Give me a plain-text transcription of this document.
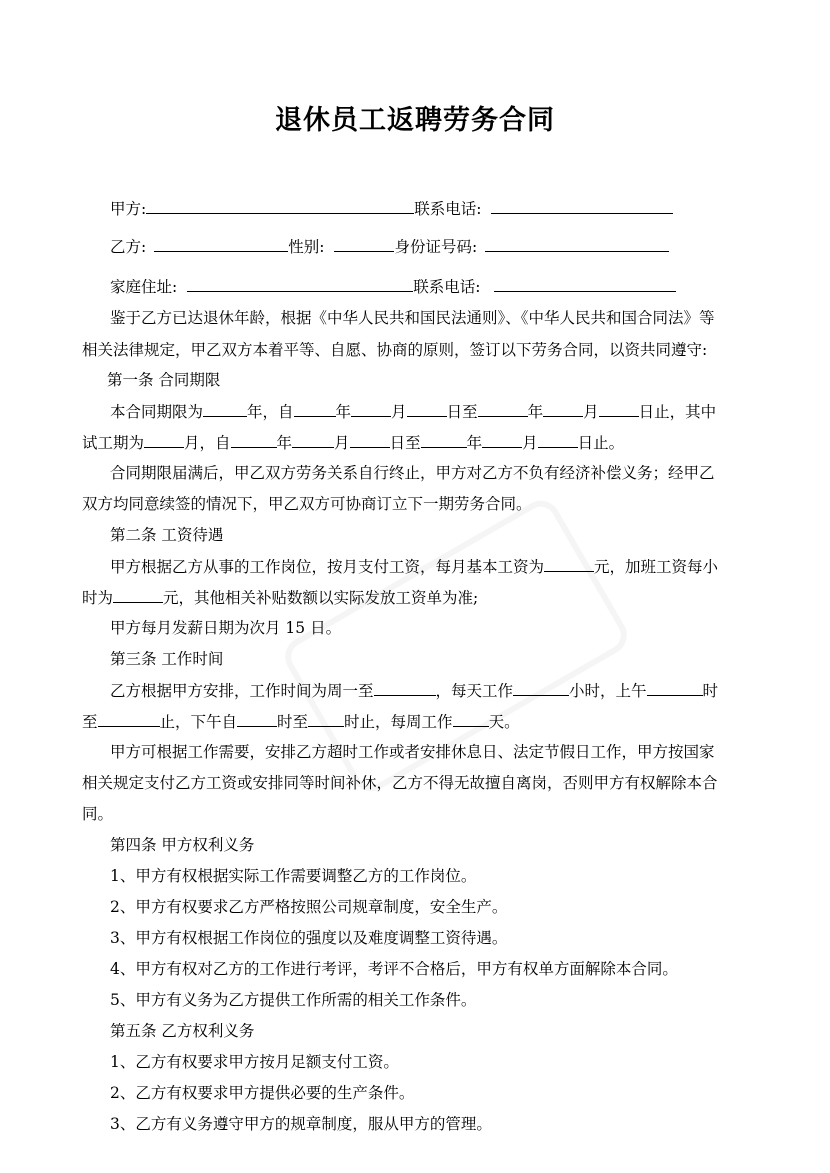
退休员工返聘劳务合同
甲方:	联系电话:
乙方:	性别:	身份证号码:
家庭住址:	联系电话:
鉴于乙方已达退休年龄，根据《中华人民共和国民法通则》、《中华人民共和国合同法》等
相关法律规定，甲乙双方本着平等、自愿、协商的原则，签订以下劳务合同，以资共同遵守:
第一条 合同期限
本合同期限为	年，自	年	月	日至	年	月	日止，其中
试工期为	月，自	年	月	日至	年	月	日止。
合同期限届满后，甲乙双方劳务关系自行终止，甲方对乙方不负有经济补偿义务；经甲乙
双方均同意续签的情况下，甲乙双方可协商订立下一期劳务合同。
第二条 工资待遇
甲方根据乙方从事的工作岗位，按月支付工资，每月基本工资为	元，加班工资每小
时为	元，其他相关补贴数额以实际发放工资单为准;
甲方每月发薪日期为次月 15 日。
第三条 工作时间
乙方根据甲方安排，工作时间为周一至	，每天工作	小时，上午	时
至	止，下午自	时至 时止，每周工作 天。
甲方可根据工作需要，安排乙方超时工作或者安排休息日、法定节假日工作，甲方按国家
相关规定支付乙方工资或安排同等时间补休，乙方不得无故擅自离岗，否则甲方有权解除本合
同。
第四条 甲方权利义务
1、甲方有权根据实际工作需要调整乙方的工作岗位。
2、甲方有权要求乙方严格按照公司规章制度，安全生产。
3、甲方有权根据工作岗位的强度以及难度调整工资待遇。
4、甲方有权对乙方的工作进行考评，考评不合格后，甲方有权单方面解除本合同。
5、甲方有义务为乙方提供工作所需的相关工作条件。
第五条 乙方权利义务
1、乙方有权要求甲方按月足额支付工资。
2、乙方有权要求甲方提供必要的生产条件。
3、乙方有义务遵守甲方的规章制度，服从甲方的管理。
